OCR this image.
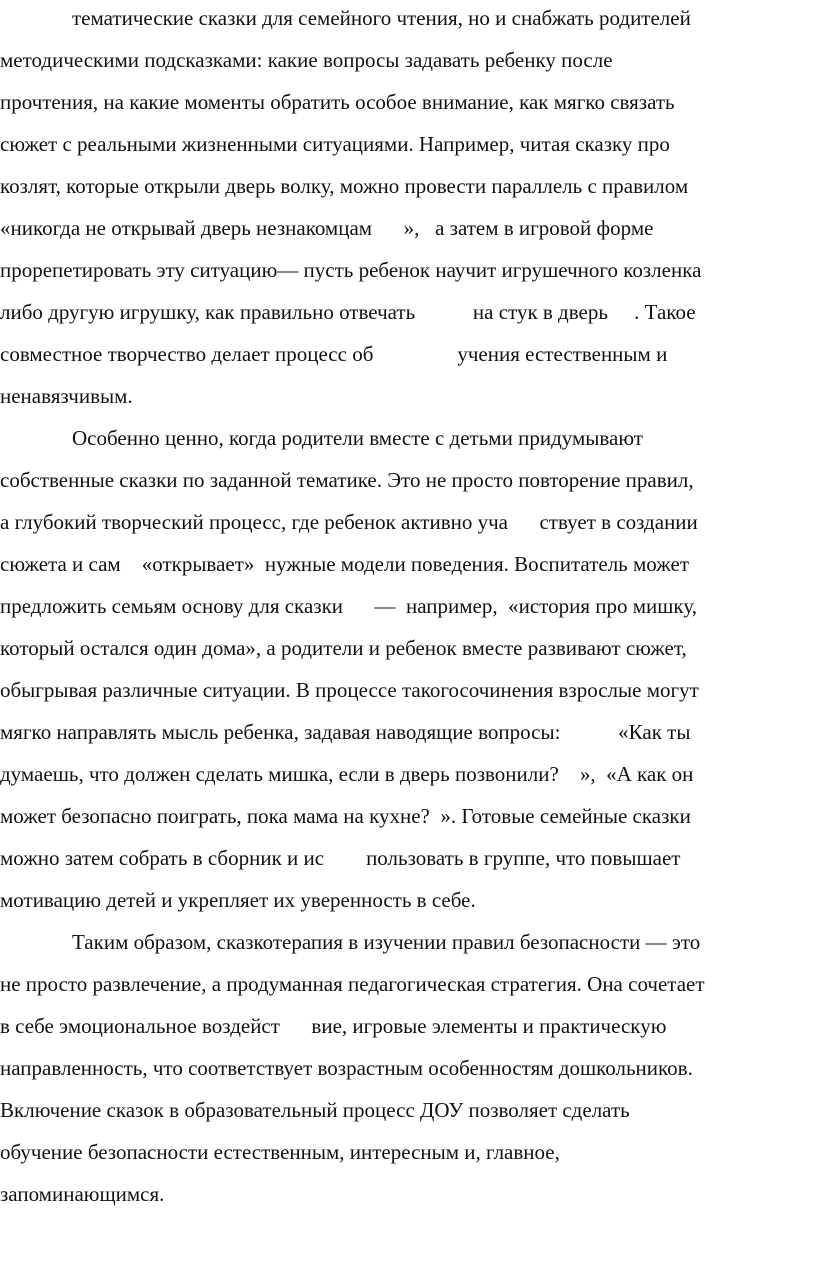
тематические сказки для семейного чтения, но и снабжать родителей
методическими подсказками: какие вопросы задавать ребенку после
прочтения, на какие моменты обратить особое внимание, как мягко связать
сюжет с реальными жизненными ситуациями. Например, читая сказку про
козлят, которые открыли дверь волку, можно провести параллель с правилом
«никогда не открывай дверь незнакомцам      »,   а затем в игровой форме
прорепетировать эту ситуацию— пусть ребенок научит игрушечного козленка
либо другую игрушку, как правильно отвечать           на стук в дверь     . Такое
совместное творчество делает процесс об                учения естественным и
ненавязчивым.
Особенно ценно, когда родители вместе с детьми придумывают
собственные сказки по заданной тематике. Это не просто повторение правил,
а глубокий творческий процесс, где ребенок активно уча      ствует в создании
сюжета и сам    «открывает»  нужные модели поведения. Воспитатель может
предложить семьям основу для сказки      —  например,  «история про мишку,
который остался один дома», а родители и ребенок вместе развивают сюжет,
обыгрывая различные ситуации. В процессе такогосочинения взрослые могут
мягко направлять мысль ребенка, задавая наводящие вопросы:           «Как ты
думаешь, что должен сделать мишка, если в дверь позвонили?    »,  «А как он
может безопасно поиграть, пока мама на кухне?  ». Готовые семейные сказки
можно затем собрать в сборник и ис        пользовать в группе, что повышает
мотивацию детей и укрепляет их уверенность в себе.
Таким образом, сказкотерапия в изучении правил безопасности — это
не просто развлечение, а продуманная педагогическая стратегия. Она сочетает
в себе эмоциональное воздейст      вие, игровые элементы и практическую
направленность, что соответствует возрастным особенностям дошкольников.
Включение сказок в образовательный процесс ДОУ позволяет сделать
обучение безопасности естественным, интересным и, главное,
запоминающимся.
